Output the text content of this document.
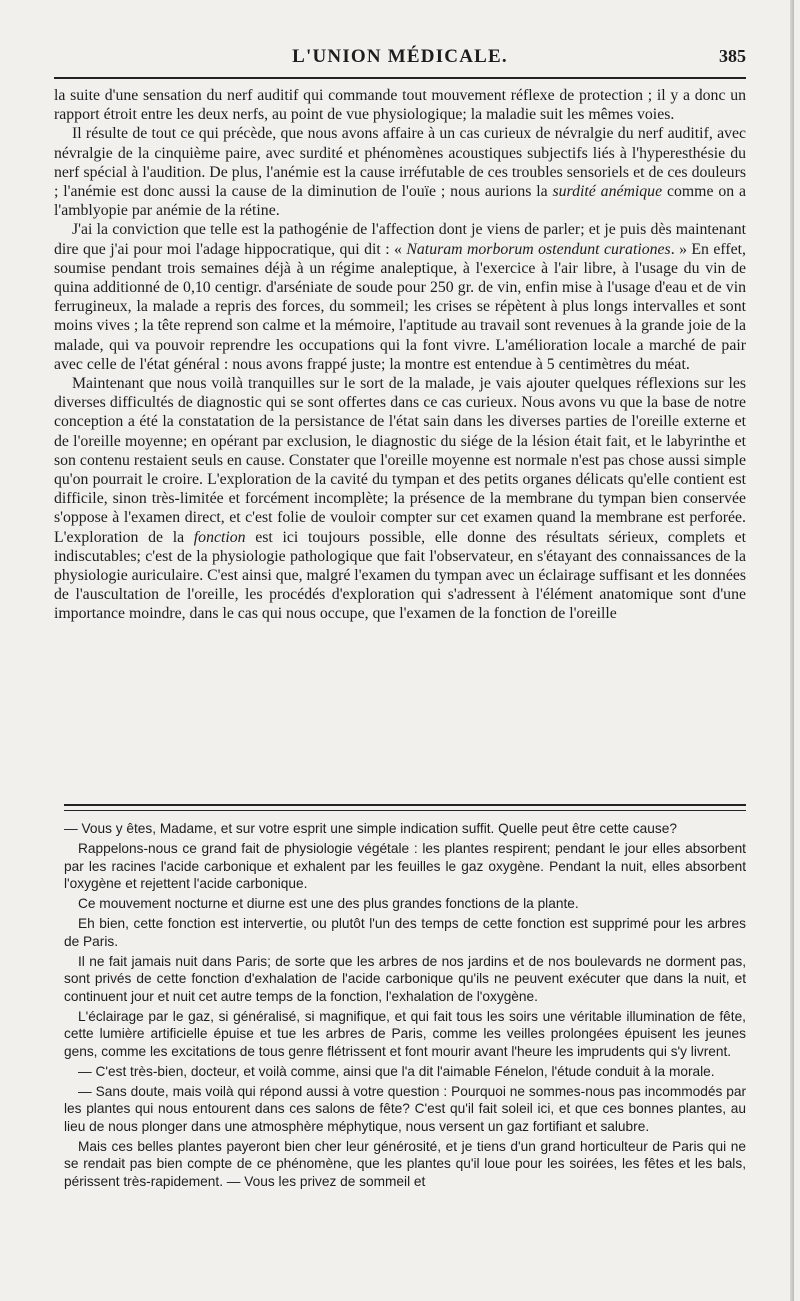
L'UNION MÉDICALE.	385

la suite d'une sensation du nerf auditif qui commande tout mouvement réflexe de protection ; il y a donc un rapport étroit entre les deux nerfs, au point de vue physiologique; la maladie suit les mêmes voies.

Il résulte de tout ce qui précède, que nous avons affaire à un cas curieux de névralgie du nerf auditif, avec névralgie de la cinquième paire, avec surdité et phénomènes acoustiques subjectifs liés à l'hyperesthésie du nerf spécial à l'audition. De plus, l'anémie est la cause irréfutable de ces troubles sensoriels et de ces douleurs ; l'anémie est donc aussi la cause de la diminution de l'ouïe ; nous aurions la surdité anémique comme on a l'amblyopie par anémie de la rétine.

J'ai la conviction que telle est la pathogénie de l'affection dont je viens de parler; et je puis dès maintenant dire que j'ai pour moi l'adage hippocratique, qui dit : « Naturam morborum ostendunt curationes. » En effet, soumise pendant trois semaines déjà à un régime analeptique, à l'exercice à l'air libre, à l'usage du vin de quina additionné de 0,10 centigr. d'arséniate de soude pour 250 gr. de vin, enfin mise à l'usage d'eau et de vin ferrugineux, la malade a repris des forces, du sommeil; les crises se répètent à plus longs intervalles et sont moins vives ; la tête reprend son calme et la mémoire, l'aptitude au travail sont revenues à la grande joie de la malade, qui va pouvoir reprendre les occupations qui la font vivre. L'amélioration locale a marché de pair avec celle de l'état général : nous avons frappé juste; la montre est entendue à 5 centimètres du méat.

Maintenant que nous voilà tranquilles sur le sort de la malade, je vais ajouter quelques réflexions sur les diverses difficultés de diagnostic qui se sont offertes dans ce cas curieux. Nous avons vu que la base de notre conception a été la constatation de la persistance de l'état sain dans les diverses parties de l'oreille externe et de l'oreille moyenne; en opérant par exclusion, le diagnostic du siége de la lésion était fait, et le labyrinthe et son contenu restaient seuls en cause. Constater que l'oreille moyenne est normale n'est pas chose aussi simple qu'on pourrait le croire. L'exploration de la cavité du tympan et des petits organes délicats qu'elle contient est difficile, sinon très-limitée et forcément incomplète; la présence de la membrane du tympan bien conservée s'oppose à l'examen direct, et c'est folie de vouloir compter sur cet examen quand la membrane est perforée. L'exploration de la fonction est ici toujours possible, elle donne des résultats sérieux, complets et indiscutables; c'est de la physiologie pathologique que fait l'observateur, en s'étayant des connaissances de la physiologie auriculaire. C'est ainsi que, malgré l'examen du tympan avec un éclairage suffisant et les données de l'auscultation de l'oreille, les procédés d'exploration qui s'adressent à l'élément anatomique sont d'une importance moindre, dans le cas qui nous occupe, que l'examen de la fonction de l'oreille

— Vous y êtes, Madame, et sur votre esprit une simple indication suffit. Quelle peut être cette cause?

Rappelons-nous ce grand fait de physiologie végétale : les plantes respirent; pendant le jour elles absorbent par les racines l'acide carbonique et exhalent par les feuilles le gaz oxygène. Pendant la nuit, elles absorbent l'oxygène et rejettent l'acide carbonique.

Ce mouvement nocturne et diurne est une des plus grandes fonctions de la plante.

Eh bien, cette fonction est intervertie, ou plutôt l'un des temps de cette fonction est supprimé pour les arbres de Paris.

Il ne fait jamais nuit dans Paris; de sorte que les arbres de nos jardins et de nos boulevards ne dorment pas, sont privés de cette fonction d'exhalation de l'acide carbonique qu'ils ne peuvent exécuter que dans la nuit, et continuent jour et nuit cet autre temps de la fonction, l'exhalation de l'oxygène.

L'éclairage par le gaz, si généralisé, si magnifique, et qui fait tous les soirs une véritable illumination de fête, cette lumière artificielle épuise et tue les arbres de Paris, comme les veilles prolongées épuisent les jeunes gens, comme les excitations de tous genre flétrissent et font mourir avant l'heure les imprudents qui s'y livrent.

— C'est très-bien, docteur, et voilà comme, ainsi que l'a dit l'aimable Fénelon, l'étude conduit à la morale.

— Sans doute, mais voilà qui répond aussi à votre question : Pourquoi ne sommes-nous pas incommodés par les plantes qui nous entourent dans ces salons de fête? C'est qu'il fait soleil ici, et que ces bonnes plantes, au lieu de nous plonger dans une atmosphère méphytique, nous versent un gaz fortifiant et salubre.

Mais ces belles plantes payeront bien cher leur générosité, et je tiens d'un grand horticulteur de Paris qui ne se rendait pas bien compte de ce phénomène, que les plantes qu'il loue pour les soirées, les fêtes et les bals, périssent très-rapidement. — Vous les privez de sommeil et
